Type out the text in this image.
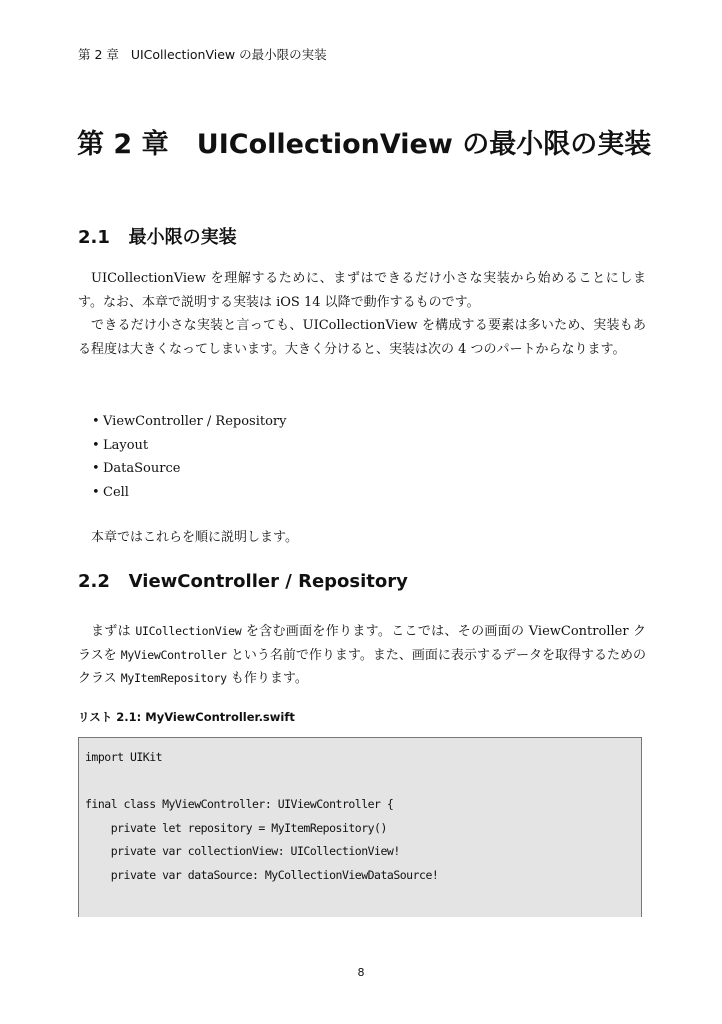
第 2 章   UICollectionView の最小限の実装
第 2 章   UICollectionView の最小限の実装
2.1   最小限の実装

UICollectionView を理解するために、まずはできるだけ小さな実装から始めることにします。なお、本章で説明する実装は iOS 14 以降で動作するものです。

できるだけ小さな実装と言っても、UICollectionView を構成する要素は多いため、実装もある程度は大きくなってしまいます。大きく分けると、実装は次の 4 つのパートからなります。

• ViewController / Repository
• Layout
• DataSource
• Cell

本章ではこれらを順に説明します。

2.2   ViewController / Repository

まずは UICollectionView を含む画面を作ります。ここでは、その画面の ViewController クラスを MyViewController という名前で作ります。また、画面に表示するデータを取得するためのクラス MyItemRepository も作ります。

リスト 2.1: MyViewController.swift
import UIKit
final class MyViewController: UIViewController {
private let repository = MyItemRepository()
private var collectionView: UICollectionView!
private var dataSource: MyCollectionViewDataSource!
8
